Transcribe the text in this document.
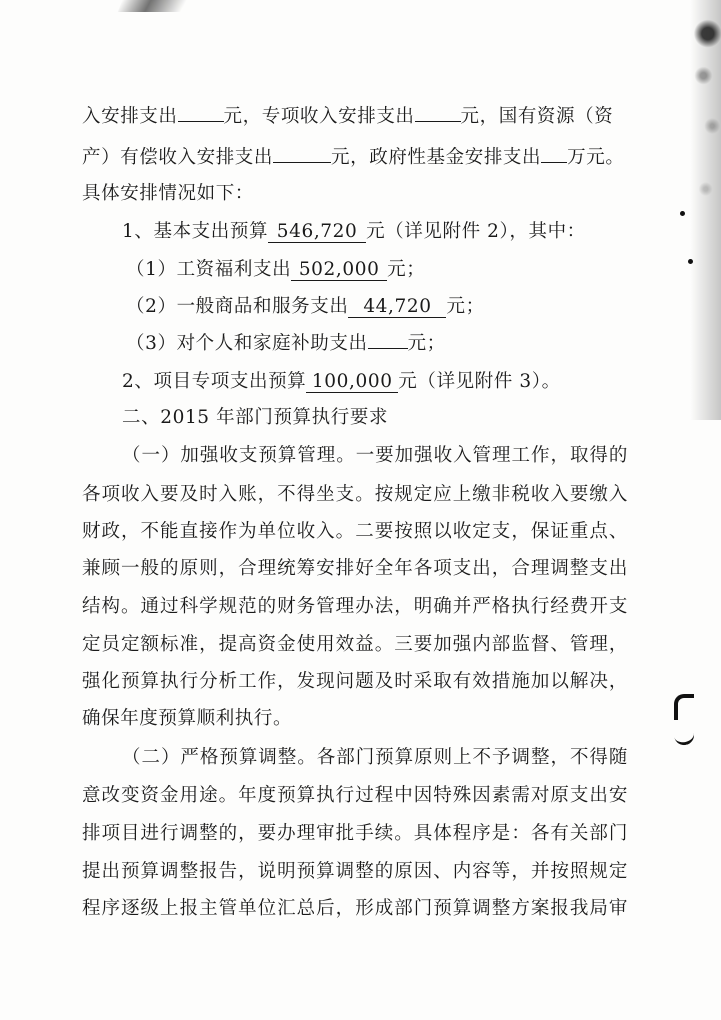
入安排支出 元，专项收入安排支出 元，国有资源（资
产）有偿收入安排支出	元，政府性基金安排支出 万元。
具体安排情况如下：
1、基本支出预算 546,720 元（详见附件 2），其中：
（1）工资福利支出 502,000 元；
（2）一般商品和服务支出 44,720 元；
（3）对个人和家庭补助支出 元；
2、项目专项支出预算 100,000 元（详见附件 3）。
二、2015 年部门预算执行要求
（一）加强收支预算管理。一要加强收入管理工作，取得的
各项收入要及时入账，不得坐支。按规定应上缴非税收入要缴入
财政，不能直接作为单位收入。二要按照以收定支，保证重点、
兼顾一般的原则，合理统筹安排好全年各项支出，合理调整支出
结构。通过科学规范的财务管理办法，明确并严格执行经费开支
定员定额标准，提高资金使用效益。三要加强内部监督、管理，
强化预算执行分析工作，发现问题及时采取有效措施加以解决，
确保年度预算顺利执行。
（二）严格预算调整。各部门预算原则上不予调整，不得随
意改变资金用途。年度预算执行过程中因特殊因素需对原支出安
排项目进行调整的，要办理审批手续。具体程序是：各有关部门
提出预算调整报告，说明预算调整的原因、内容等，并按照规定
程序逐级上报主管单位汇总后，形成部门预算调整方案报我局审
